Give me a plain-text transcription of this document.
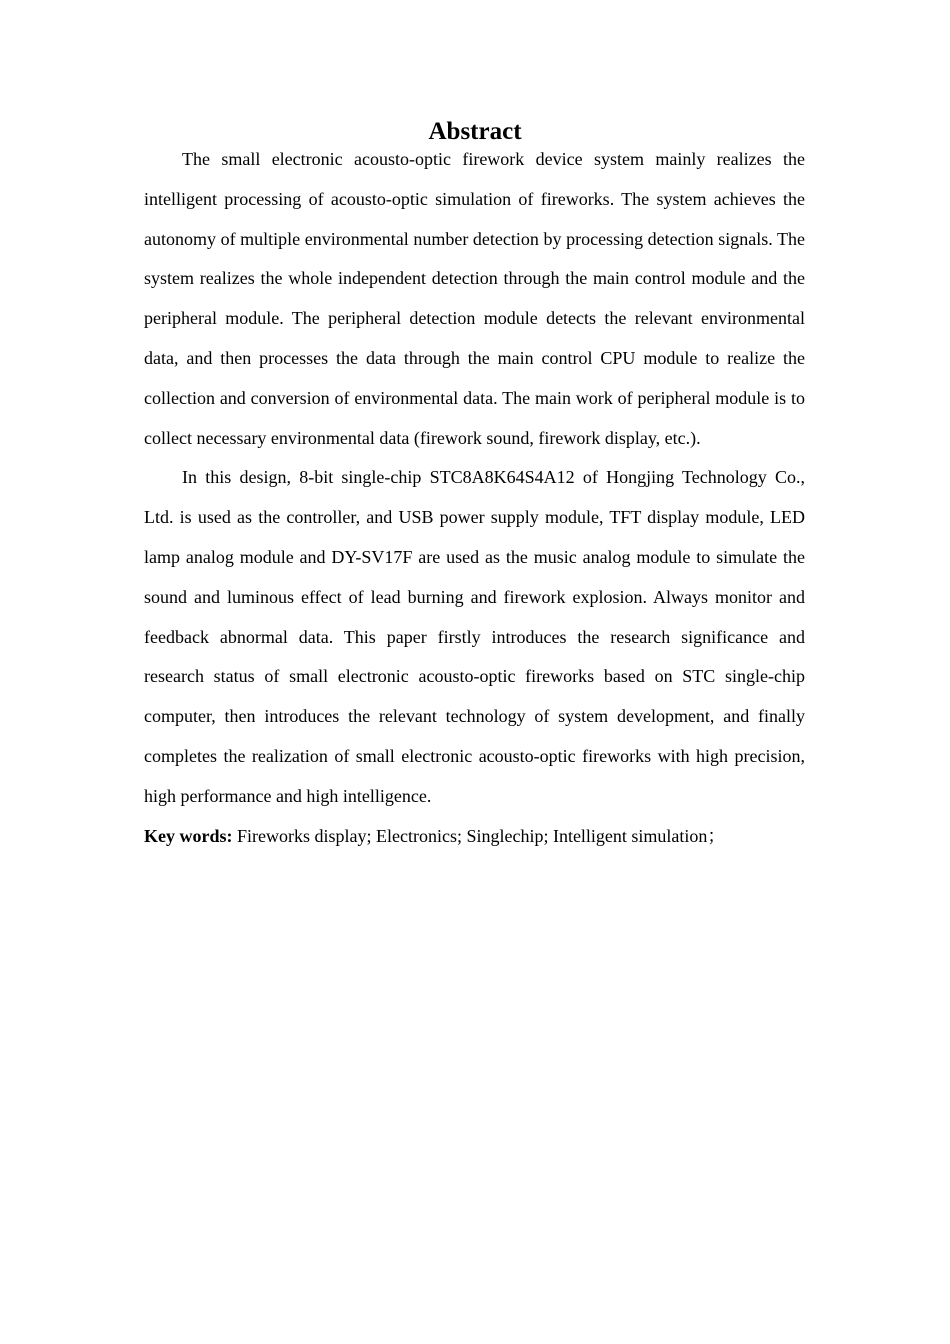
Abstract

The small electronic acousto-optic firework device system mainly realizes the intelligent processing of acousto-optic simulation of fireworks. The system achieves the autonomy of multiple environmental number detection by processing detection signals. The system realizes the whole independent detection through the main control module and the peripheral module. The peripheral detection module detects the relevant environmental data, and then processes the data through the main control CPU module to realize the collection and conversion of environmental data. The main work of peripheral module is to collect necessary environmental data (firework sound, firework display, etc.).

In this design, 8-bit single-chip STC8A8K64S4A12 of Hongjing Technology Co., Ltd. is used as the controller, and USB power supply module, TFT display module, LED lamp analog module and DY-SV17F are used as the music analog module to simulate the sound and luminous effect of lead burning and firework explosion. Always monitor and feedback abnormal data. This paper firstly introduces the research significance and research status of small electronic acousto-optic fireworks based on STC single-chip computer, then introduces the relevant technology of system development, and finally completes the realization of small electronic acousto-optic fireworks with high precision, high performance and high intelligence.

Key words: Fireworks display; Electronics; Singlechip; Intelligent simulation；
